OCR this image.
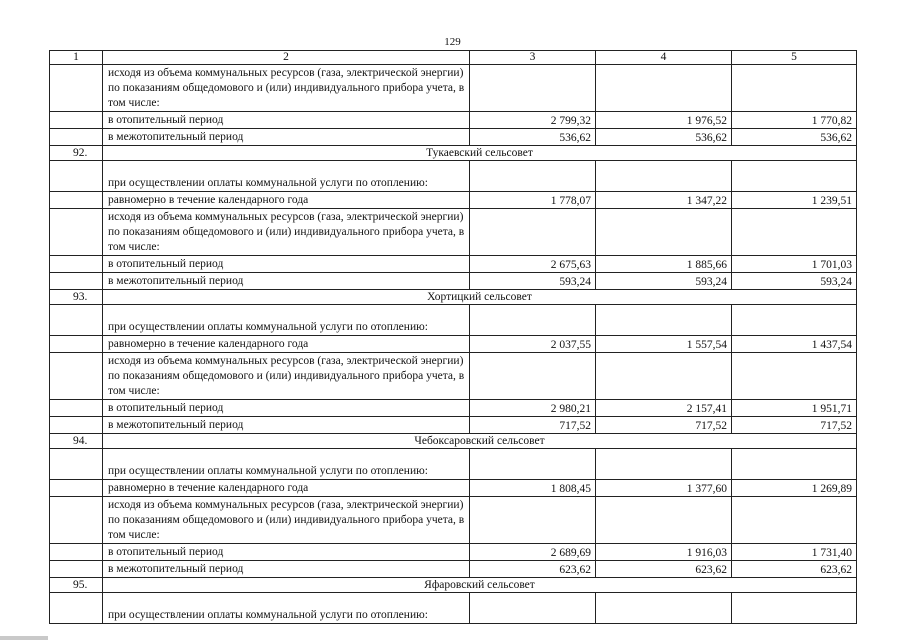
129
1	2	3	4	5
	исходя из объема коммунальных ресурсов (газа, электрической энергии) по показаниям общедомового и (или) индивидуального прибора учета, в том числе:			
	в отопительный период	2 799,32	1 976,52	1 770,82
	в межотопительный период	536,62	536,62	536,62
92.	Тукаевский сельсовет			
	при осуществлении оплаты коммунальной услуги по отоплению:			
	равномерно в течение календарного года	1 778,07	1 347,22	1 239,51
	исходя из объема коммунальных ресурсов (газа, электрической энергии) по показаниям общедомового и (или) индивидуального прибора учета, в том числе:			
	в отопительный период	2 675,63	1 885,66	1 701,03
	в межотопительный период	593,24	593,24	593,24
93.	Хортицкий сельсовет			
	при осуществлении оплаты коммунальной услуги по отоплению:			
	равномерно в течение календарного года	2 037,55	1 557,54	1 437,54
	исходя из объема коммунальных ресурсов (газа, электрической энергии) по показаниям общедомового и (или) индивидуального прибора учета, в том числе:			
	в отопительный период	2 980,21	2 157,41	1 951,71
	в межотопительный период	717,52	717,52	717,52
94.	Чебоксаровский сельсовет			
	при осуществлении оплаты коммунальной услуги по отоплению:			
	равномерно в течение календарного года	1 808,45	1 377,60	1 269,89
	исходя из объема коммунальных ресурсов (газа, электрической энергии) по показаниям общедомового и (или) индивидуального прибора учета, в том числе:			
	в отопительный период	2 689,69	1 916,03	1 731,40
	в межотопительный период	623,62	623,62	623,62
95.	Яфаровский сельсовет			
	при осуществлении оплаты коммунальной услуги по отоплению:			
